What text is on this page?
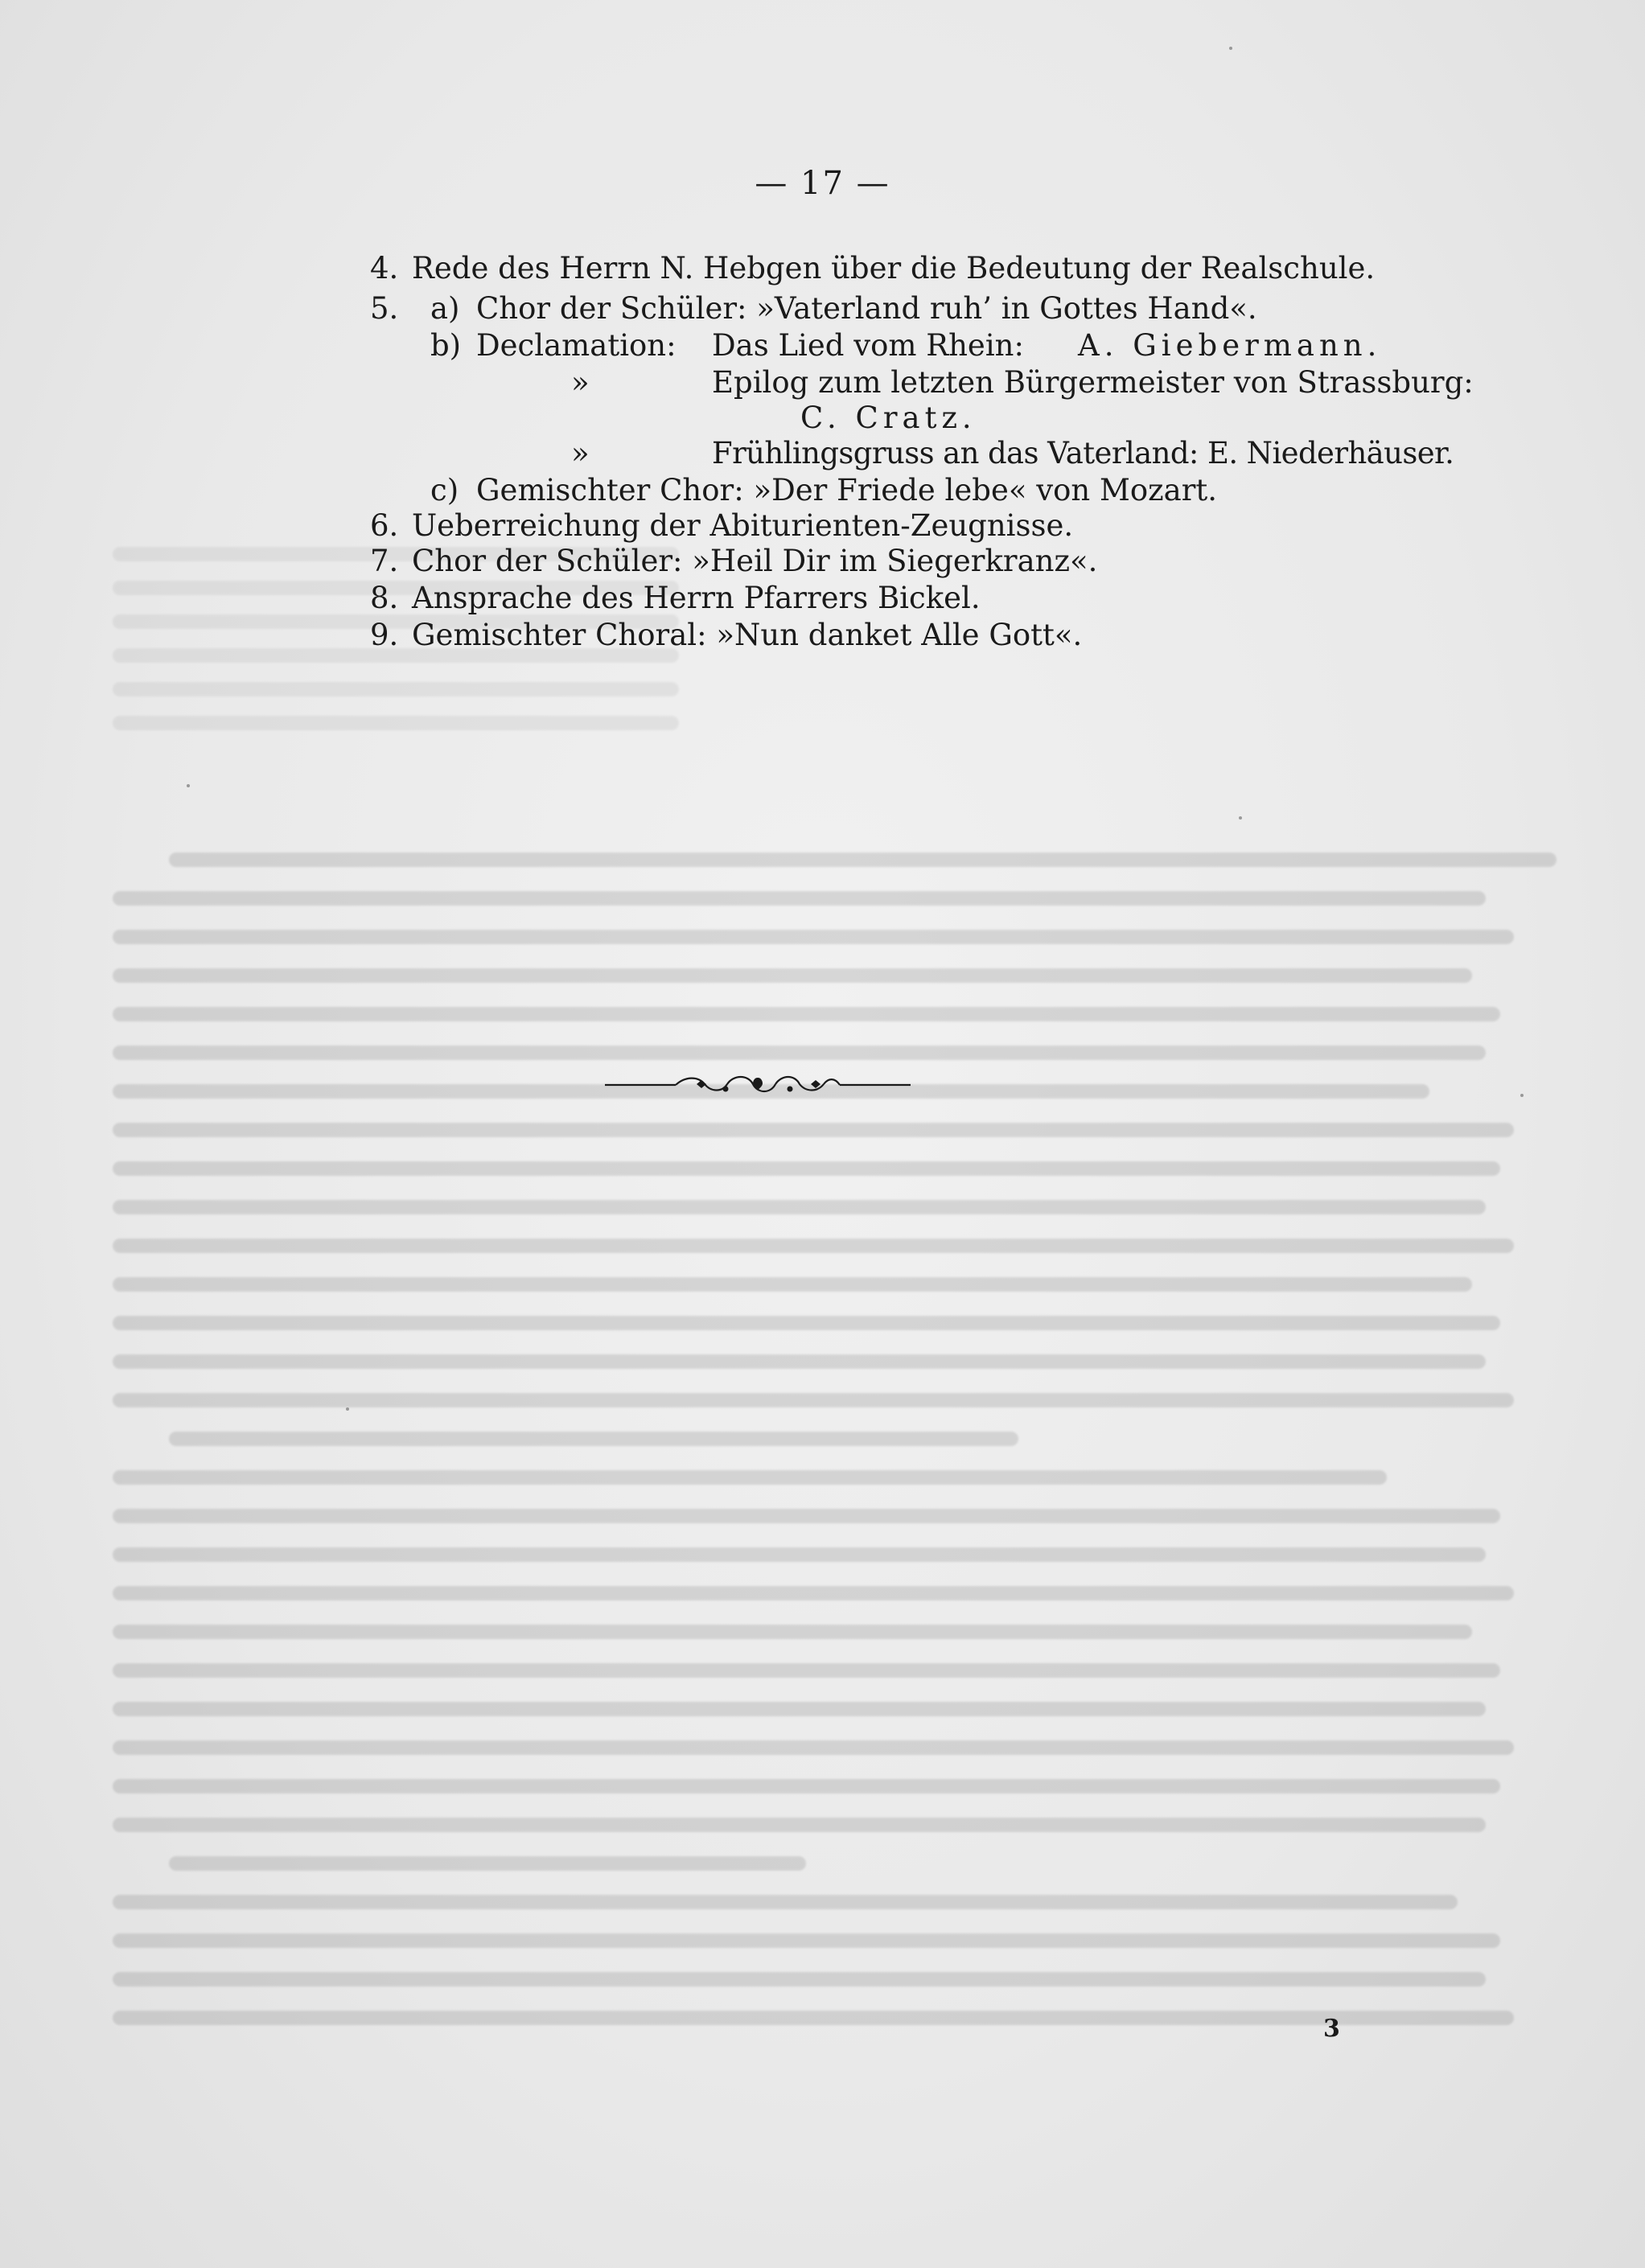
— 17 —
4. Rede des Herrn N. Hebgen über die Bedeutung der Realschule.
5. a) Chor der Schüler: »Vaterland ruh’ in Gottes Hand«.
b) Declamation: Das Lied vom Rhein: A. Giebermann.
»	Epilog zum letzten Bürgermeister von Strassburg:
C. Cratz.
»	Frühlingsgruss an das Vaterland: E. Niederhäuser.
c) Gemischter Chor: »Der Friede lebe« von Mozart.
6. Ueberreichung der Abiturienten-Zeugnisse.
7. Chor der Schüler: »Heil Dir im Siegerkranz«.
8. Ansprache des Herrn Pfarrers Bickel.
9. Gemischter Choral: »Nun danket Alle Gott«.
3
